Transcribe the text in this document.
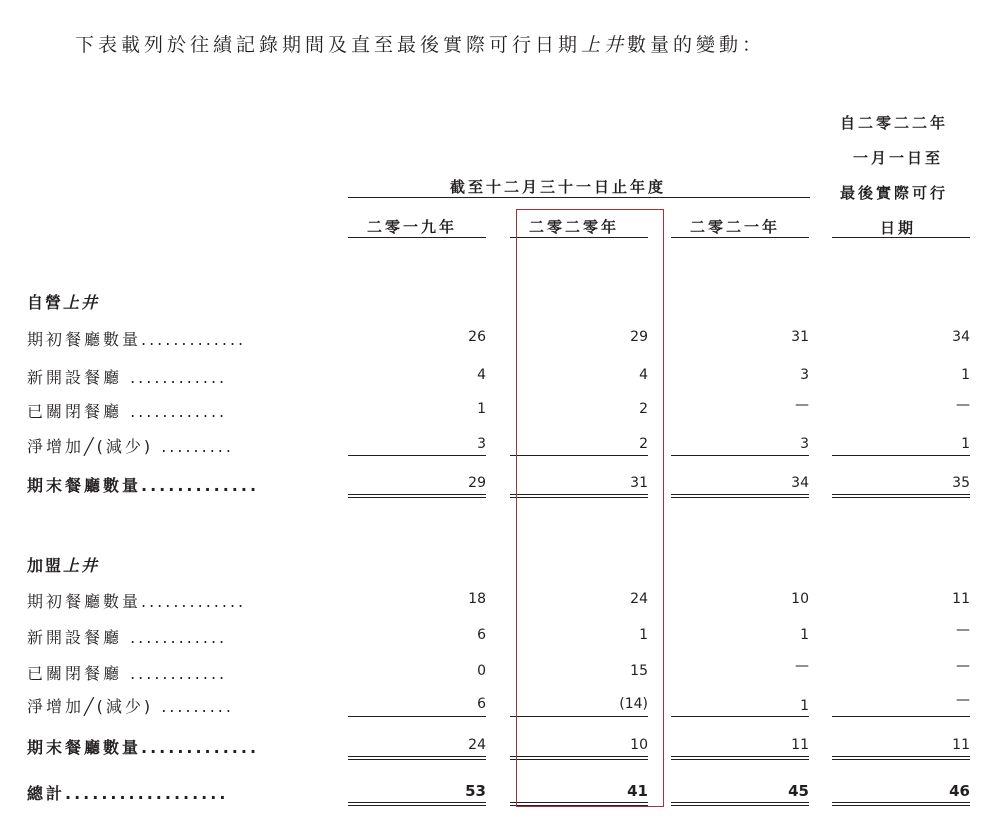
下表載列於往績記錄期間及直至最後實際可行日期上井數量的變動：
截至十二月三十一日止年度
自二零二二年
一月一日至
最後實際可行
日期
二零一九年	二零二零年	二零二一年
自營上井
期初餐廳數量.............	26	29	31	34
新開設餐廳 ............	4	4	3	1
已關閉餐廳 ............	1	2	—	—
淨增加╱(減少) .........	3	2	3	1
期末餐廳數量.............	29	31	34	35
加盟上井
期初餐廳數量.............	18	24	10	11
新開設餐廳 ............	6	1	1	—
已關閉餐廳 ............	0	15	—	—
淨增加╱(減少) .........	6	(14)	1	—
期末餐廳數量.............	24	10	11	11
總計..................	53	41	45	46
